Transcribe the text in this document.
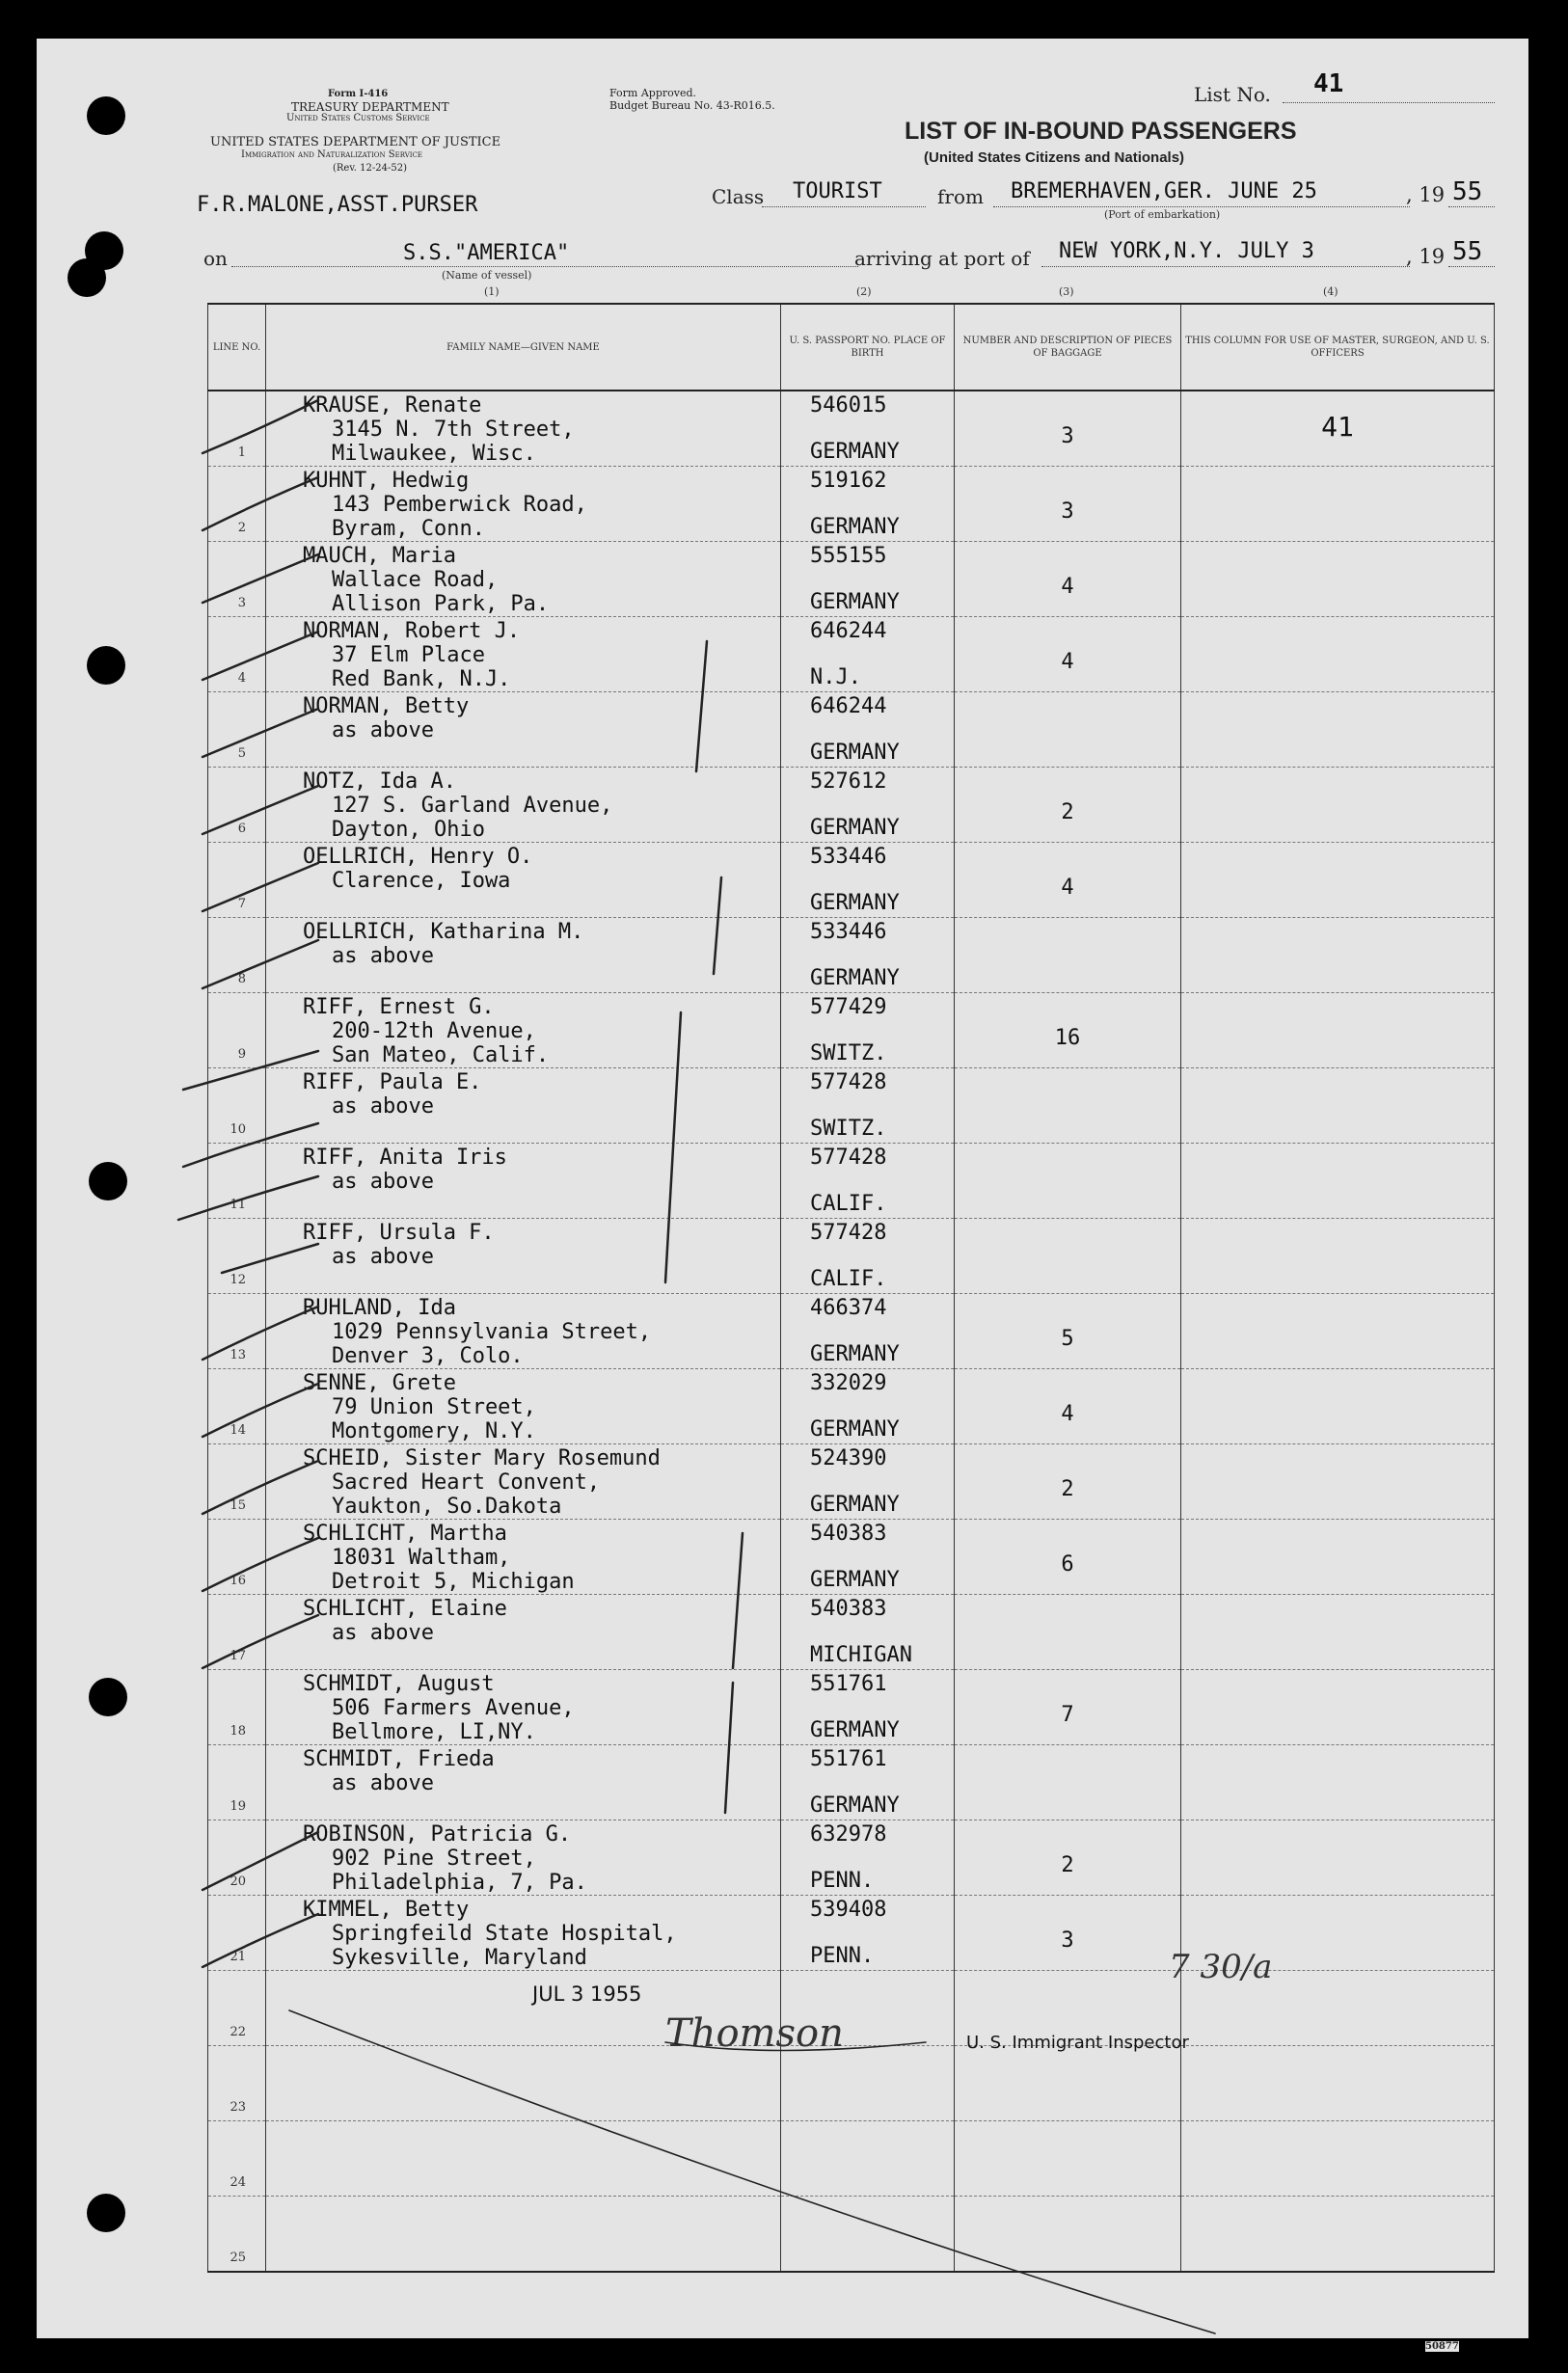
Form I-416
TREASURY DEPARTMENT
United States Customs Service
UNITED STATES DEPARTMENT OF JUSTICE
Immigration and Naturalization Service
(Rev. 12-24-52)
Form Approved.
Budget Bureau No. 43-R016.5.	List No. 41
LIST OF IN-BOUND PASSENGERS
(United States Citizens and Nationals)
F.R.MALONE,ASST.PURSER	Class TOURIST	from BREMERHAVEN,GER. JUNE 25	, 19 55
(Port of embarkation)
on	S.S."AMERICA"
(Name of vessel)
arriving at port of NEW YORK,N.Y. JULY 3	, 19 55
(1)	(2)	(3)	(4)
LINE NO.	FAMILY NAME—GIVEN NAME	U. S. PASSPORT NO. PLACE OF BIRTH	NUMBER AND DESCRIPTION OF PIECES OF BAGGAGE	THIS COLUMN FOR USE OF MASTER, SURGEON, AND U. S. OFFICERS

1	KRAUSE, Renate
3145 N. 7th Street,
Milwaukee, Wisc.	546015
GERMANY	3	41

2	KUHNT, Hedwig
143 Pemberwick Road,
Byram, Conn.	519162
GERMANY	3	

3	MAUCH, Maria
Wallace Road,
Allison Park, Pa.	555155
GERMANY	4	

4	NORMAN, Robert J.
37 Elm Place
Red Bank, N.J.	646244
N.J.	4	

5	NORMAN, Betty
as above	646244
GERMANY		

6	NOTZ, Ida A.
127 S. Garland Avenue,
Dayton, Ohio	527612
GERMANY	2	

7	OELLRICH, Henry O.
Clarence, Iowa	533446
GERMANY	4	

8	OELLRICH, Katharina M.
as above	533446
GERMANY		

9	RIFF, Ernest G.
200-12th Avenue,
San Mateo, Calif.	577429
SWITZ.	16	

10	RIFF, Paula E.
as above	577428
SWITZ.		

11	RIFF, Anita Iris
as above	577428
CALIF.		

12	RIFF, Ursula F.
as above	577428
CALIF.		

13	RUHLAND, Ida
1029 Pennsylvania Street,
Denver 3, Colo.	466374
GERMANY	5	

14	SENNE, Grete
79 Union Street,
Montgomery, N.Y.	332029
GERMANY	4	

15	SCHEID, Sister Mary Rosemund
Sacred Heart Convent,
Yaukton, So.Dakota	524390
GERMANY	2	

16	SCHLICHT, Martha
18031 Waltham,
Detroit 5, Michigan	540383
GERMANY	6	

17	SCHLICHT, Elaine
as above	540383
MICHIGAN		

18	SCHMIDT, August
506 Farmers Avenue,
Bellmore, LI,NY.	551761
GERMANY	7	

19	SCHMIDT, Frieda
as above	551761
GERMANY		

20	ROBINSON, Patricia G.
902 Pine Street,
Philadelphia, 7, Pa.	632978
PENN.	2	

21	KIMMEL, Betty
Springfeild State Hospital,
Sykesville, Maryland	539408
PENN.	3	

22				

23				

24				

25				

JUL 3 1955
Thomson	U. S. Immigrant Inspector
7 30/a
50877
